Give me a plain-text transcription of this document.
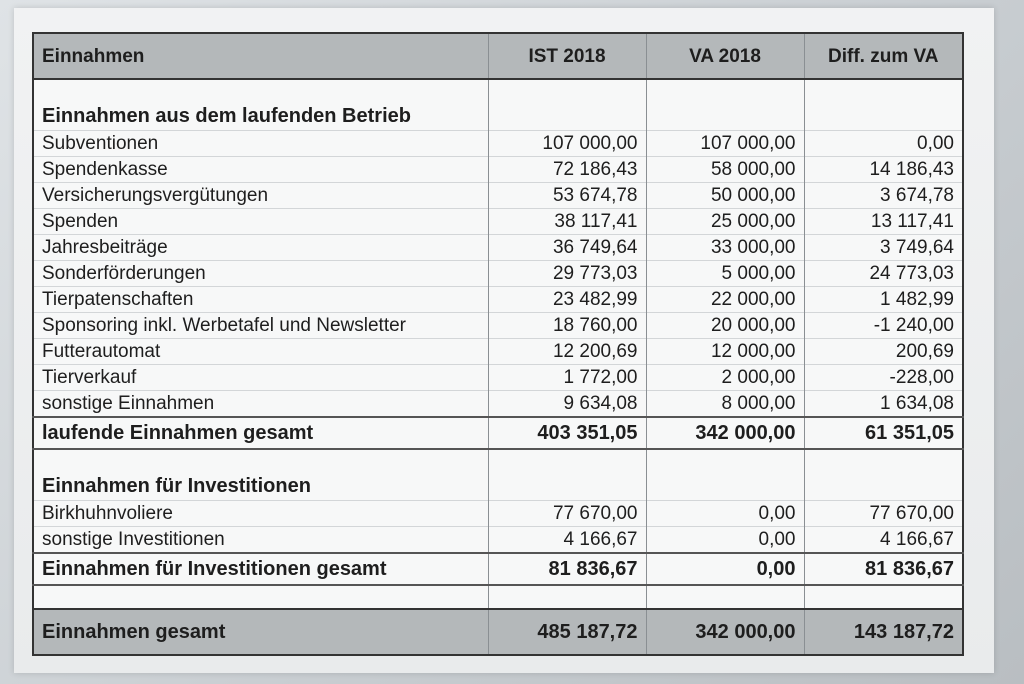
Einnahmen	IST 2018	VA 2018	Diff. zum VA

Einnahmen aus dem laufenden Betrieb			
Subventionen	107 000,00	107 000,00	0,00
Spendenkasse	72 186,43	58 000,00	14 186,43
Versicherungsvergütungen	53 674,78	50 000,00	3 674,78
Spenden	38 117,41	25 000,00	13 117,41
Jahresbeiträge	36 749,64	33 000,00	3 749,64
Sonderförderungen	29 773,03	5 000,00	24 773,03
Tierpatenschaften	23 482,99	22 000,00	1 482,99
Sponsoring inkl. Werbetafel und Newsletter	18 760,00	20 000,00	-1 240,00
Futterautomat	12 200,69	12 000,00	200,69
Tierverkauf	1 772,00	2 000,00	-228,00
sonstige Einnahmen	9 634,08	8 000,00	1 634,08
laufende Einnahmen gesamt	403 351,05	342 000,00	61 351,05

Einnahmen für Investitionen			
Birkhuhnvoliere	77 670,00	0,00	77 670,00
sonstige Investitionen	4 166,67	0,00	4 166,67
Einnahmen für Investitionen gesamt	81 836,67	0,00	81 836,67

Einnahmen gesamt	485 187,72	342 000,00	143 187,72
